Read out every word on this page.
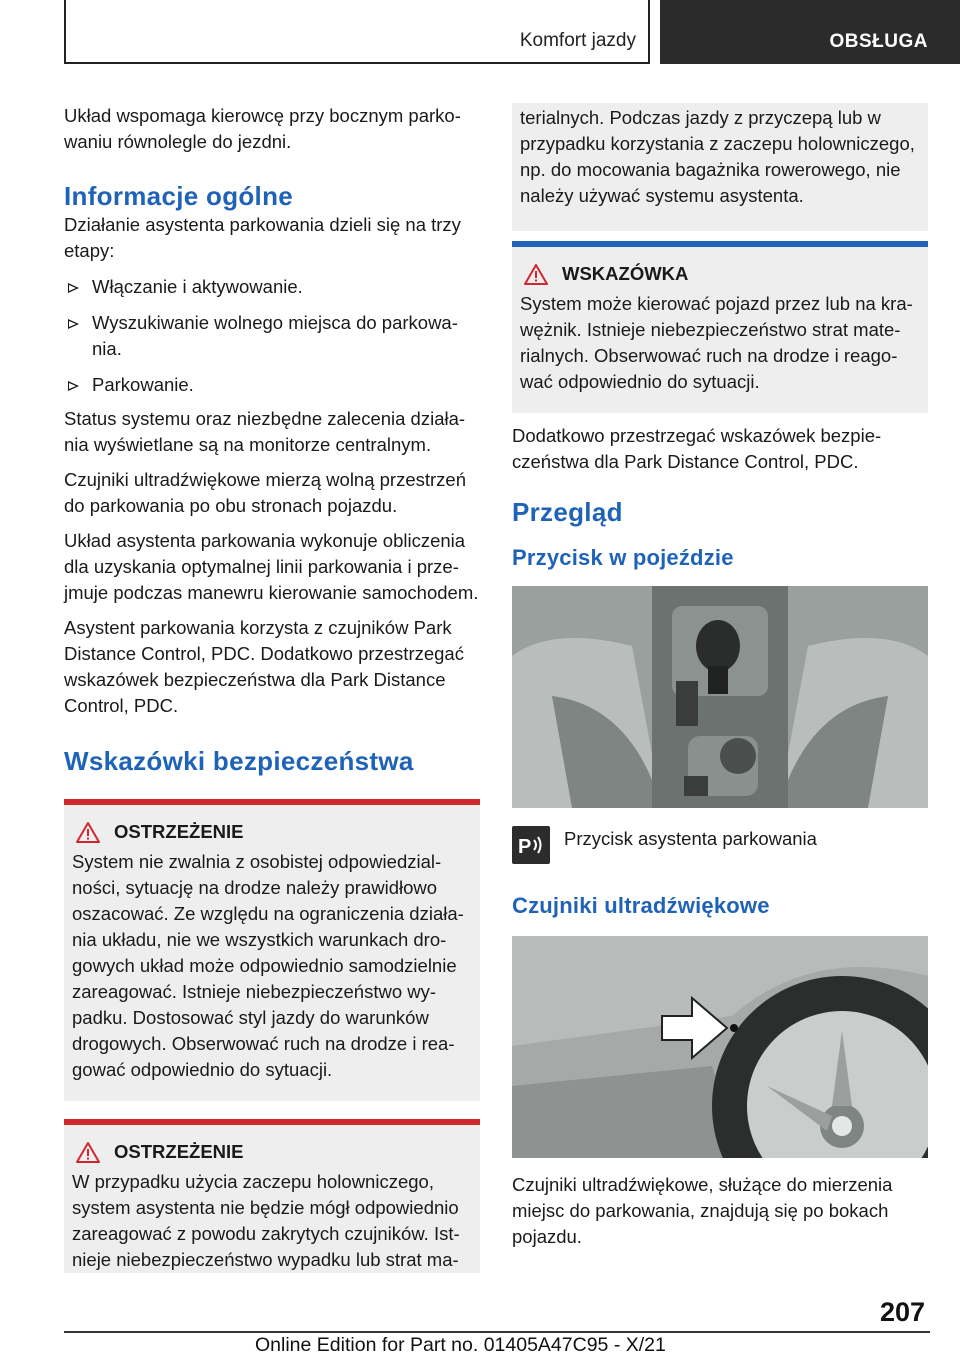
Komfort jazdy	OBSŁUGA

Układ wspomaga kierowcę przy bocznym parkowaniu równolegle do jezdni.

Informacje ogólne

Działanie asystenta parkowania dzieli się na trzy etapy:

Włączanie i aktywowanie.
Wyszukiwanie wolnego miejsca do parkowania.
Parkowanie.

Status systemu oraz niezbędne zalecenia działania wyświetlane są na monitorze centralnym.

Czujniki ultradźwiękowe mierzą wolną przestrzeń do parkowania po obu stronach pojazdu.

Układ asystenta parkowania wykonuje obliczenia dla uzyskania optymalnej linii parkowania i przejmuje podczas manewru kierowanie samochodem.

Asystent parkowania korzysta z czujników Park Distance Control, PDC. Dodatkowo przestrzegać wskazówek bezpieczeństwa dla Park Distance Control, PDC.

Wskazówki bezpieczeństwa
OSTRZEŻENIE

System nie zwalnia z osobistej odpowiedzialności, sytuację na drodze należy prawidłowo oszacować. Ze względu na ograniczenia działania układu, nie we wszystkich warunkach drogowych układ może odpowiednio samodzielnie zareagować. Istnieje niebezpieczeństwo wypadku. Dostosować styl jazdy do warunków drogowych. Obserwować ruch na drodze i reagować odpowiednio do sytuacji.

OSTRZEŻENIE

W przypadku użycia zaczepu holowniczego, system asystenta nie będzie mógł odpowiednio zareagować z powodu zakrytych czujników. Istnieje niebezpieczeństwo wypadku lub strat ma-

terialnych. Podczas jazdy z przyczepą lub w przypadku korzystania z zaczepu holowniczego, np. do mocowania bagażnika rowerowego, nie należy używać systemu asystenta.

WSKAZÓWKA

System może kierować pojazd przez lub na krawężnik. Istnieje niebezpieczeństwo strat materialnych. Obserwować ruch na drodze i reagować odpowiednio do sytuacji.

Dodatkowo przestrzegać wskazówek bezpieczeństwa dla Park Distance Control, PDC.

Przegląd
Przycisk w pojeździe
P Przycisk asystenta parkowania

Czujniki ultradźwiękowe

Czujniki ultradźwiękowe, służące do mierzenia miejsc do parkowania, znajdują się po bokach pojazdu.

207
Online Edition for Part no. 01405A47C95 - X/21
